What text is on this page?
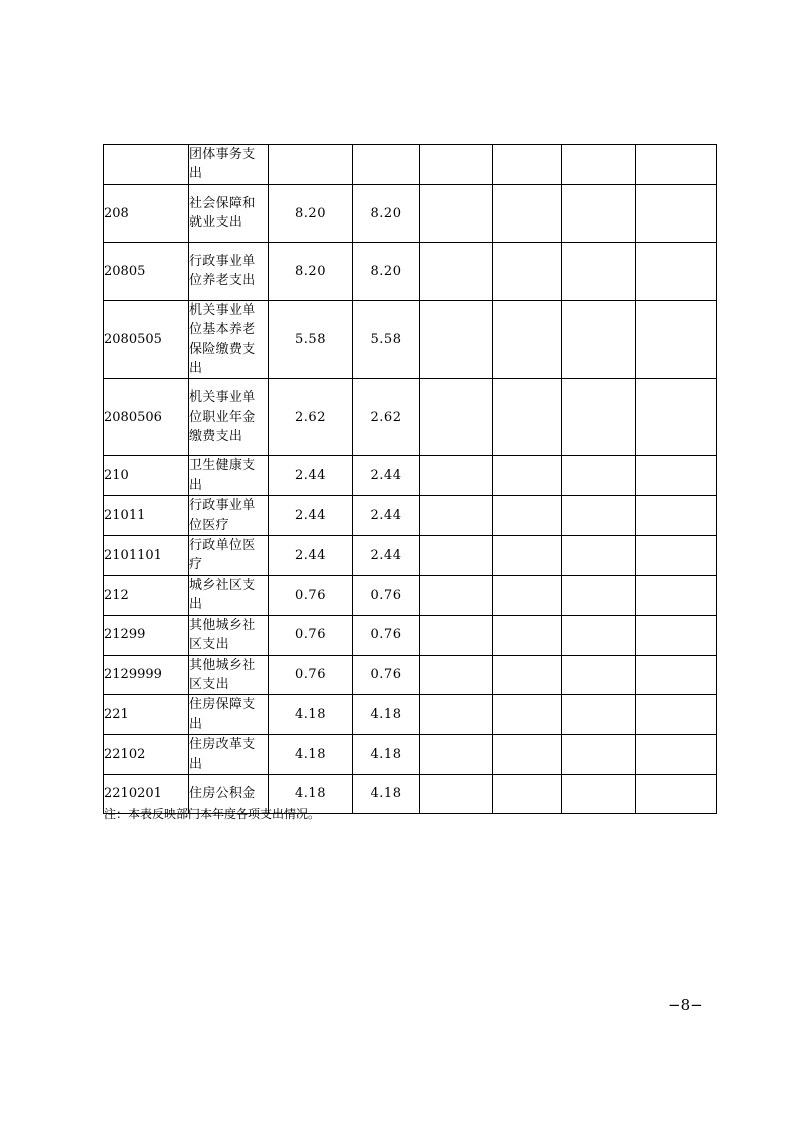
	团体事务支出						
208	社会保障和就业支出	8.20	8.20				
20805	行政事业单位养老支出	8.20	8.20				
2080505	机关事业单位基本养老保险缴费支出	5.58	5.58				
2080506	机关事业单位职业年金缴费支出	2.62	2.62				
210	卫生健康支出	2.44	2.44				
21011	行政事业单位医疗	2.44	2.44				
2101101	行政单位医疗	2.44	2.44				
212	城乡社区支出	0.76	0.76				
21299	其他城乡社区支出	0.76	0.76				
2129999	其他城乡社区支出	0.76	0.76				
221	住房保障支出	4.18	4.18				
22102	住房改革支出	4.18	4.18				
2210201	住房公积金	4.18	4.18				
注：本表反映部门本年度各项支出情况。
−8−
